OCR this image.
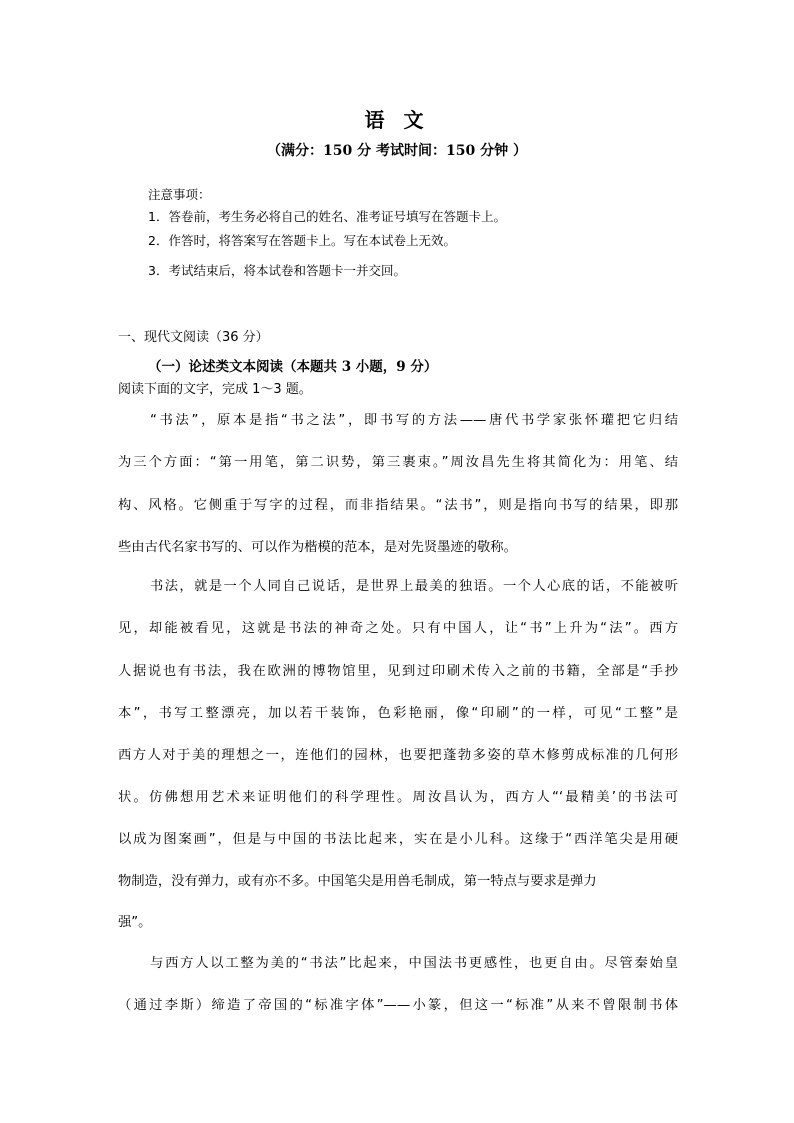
语 文
（满分：150 分 考试时间：150 分钟 ）
注意事项：
1．答卷前，考生务必将自己的姓名、准考证号填写在答题卡上。
2．作答时，将答案写在答题卡上。写在本试卷上无效。
3．考试结束后，将本试卷和答题卡一并交回。
一、现代文阅读（36 分）
（一）论述类文本阅读（本题共 3 小题，9 分）
阅读下面的文字，完成 1～3 题。
“书法”，原本是指“书之法”，即书写的方法——唐代书学家张怀瓘把它归结
为三个方面：“第一用笔，第二识势，第三裹束。”周汝昌先生将其简化为：用笔、结
构、风格。它侧重于写字的过程，而非指结果。“法书”，则是指向书写的结果，即那
些由古代名家书写的、可以作为楷模的范本，是对先贤墨迹的敬称。
书法，就是一个人同自己说话，是世界上最美的独语。一个人心底的话，不能被听
见，却能被看见，这就是书法的神奇之处。只有中国人，让“书”上升为“法”。西方
人据说也有书法，我在欧洲的博物馆里，见到过印刷术传入之前的书籍，全部是“手抄
本”，书写工整漂亮，加以若干装饰，色彩艳丽，像“印刷”的一样，可见“工整”是
西方人对于美的理想之一，连他们的园林，也要把蓬勃多姿的草木修剪成标准的几何形
状。仿佛想用艺术来证明他们的科学理性。周汝昌认为，西方人“‘最精美’的书法可
以成为图案画”，但是与中国的书法比起来，实在是小儿科。这缘于“西洋笔尖是用硬
物制造，没有弹力，或有亦不多。中国笔尖是用兽毛制成，第一特点与要求是弹力
强”。
与西方人以工整为美的“书法”比起来，中国法书更感性，也更自由。尽管秦始皇
（通过李斯）缔造了帝国的“标准字体”——小篆，但这一“标准”从来不曾限制书体
